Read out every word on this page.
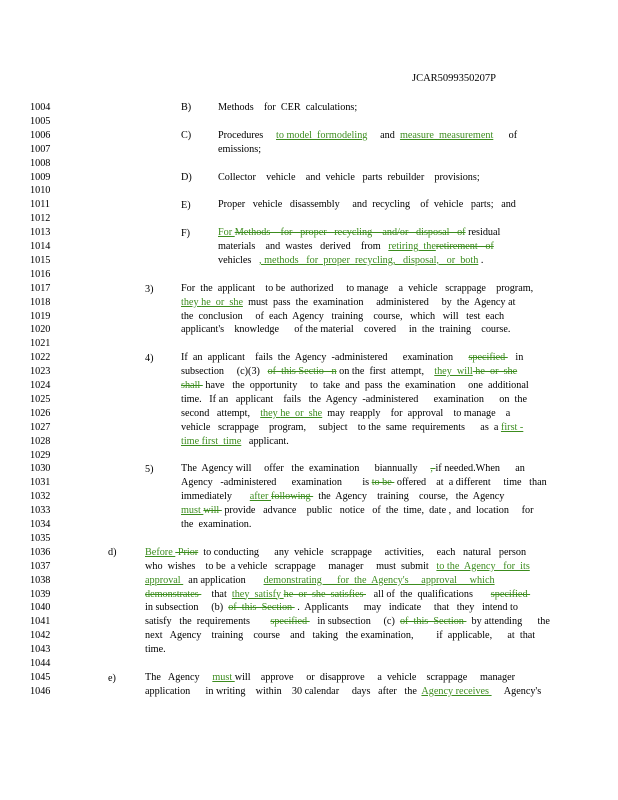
JCAR5099350207P
1004
1005
1006
1007
1008
1009
1010
1011
1012
1013
1014
1015
1016
1017
1018
1019
1020
1021
1022
1023
1024
1025
1026
1027
1028
1029
1030
1031
1032
1033
1034
1035
1036
1037
1038
1039
1040
1041
1042
1043
1044
1045
1046
B)
C)
D)
E)
F)
3)
4)
5)
d)
e)
Methods    for  CER  calculations;
Procedures     to model  formodeling     and  measure  measurement      of
emissions;
Collector    vehicle    and  vehicle   parts  rebuilder    provisions;
Proper   vehicle   disassembly     and  recycling    of  vehicle   parts;   and
For Methods    for   proper   recycling    and/or   disposal   of residual
materials    and  wastes   derived    from   retiring  theretirement   of
vehicles   , methods   for  proper  recycling,   disposal,   or  both .
For  the  applicant    to be  authorized     to manage    a  vehicle   scrappage    program,
they he  or  she  must  pass  the  examination     administered     by  the  Agency at
the  conclusion     of  each  Agency   training    course,   which   will   test  each
applicant's    knowledge      of the material    covered     in  the  training    course.
If  an  applicant    fails  the  Agency  -administered      examination      specified    in
subsection     (c)(3)   of  this Sectio   n on the  first  attempt,    they  will he  or  she
shall  have   the  opportunity     to  take  and  pass  the  examination     one  additional
time.   If an   applicant    fails   the  Agency  -administered      examination      on  the
second   attempt,    they he  or  she  may  reapply    for  approval    to manage    a
vehicle   scrappage    program,     subject    to the  same  requirements      as  a first -
time first  time   applicant.
The  Agency will     offer   the  examination      biannually     , if needed.When      an
Agency   -administered      examination        is to be  offered    at  a different     time   than
immediately       after following   the  Agency    training    course,   the  Agency
must will  provide   advance    public   notice   of  the  time,  date ,  and  location     for
the  examination.
Before  Prior  to conducting      any  vehicle   scrappage     activities,     each   natural   person
who  wishes    to be  a vehicle   scrappage     manager     must  submit   to the  Agency   for  its
approval   an application       demonstrating      for  the  Agency's     approval     which
demonstrates     that  they  satisfy he  or  she  satisfies    all of  the  qualifications       specified
in subsection     (b)  of  this  Section  .  Applicants      may   indicate     that   they   intend to
satisfy   the  requirements        specified    in subsection     (c)  of  this  Section   by attending      the
next   Agency    training    course    and   taking   the examination,         if  applicable,      at  that
time.
The   Agency     must will    approve     or  disapprove     a  vehicle    scrappage     manager
application      in writing    within    30 calendar     days   after   the  Agency receives      Agency's
